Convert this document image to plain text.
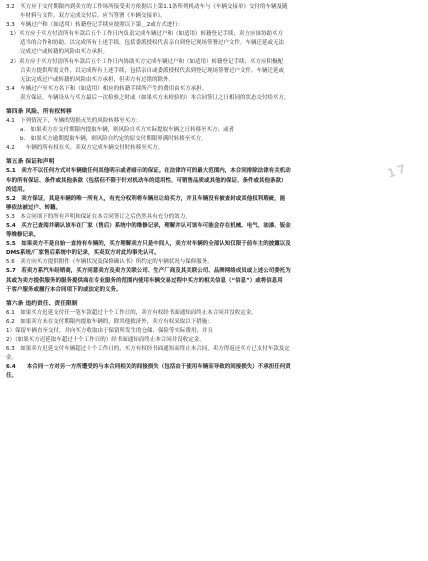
17

3.2　买方应于交付期限内到卖方的工作场所接受卖方依据以上第1.1条所列机动车与《车辆交接单》交付的车辆及随

车材料与文件。双方完成交付后，应当签署《车辆交接单》。

3.3　车辆过户和（如适用）转籍登记手续应按照以下第＿2或方式进行：

1）买方应于买方付清所有车款后五个工作日内负责完成车辆过户和（如适用）转籍登记手续；卖方应该协助买方

适当的合作和协助。以完成所有上述手续，包括委派授权代表亲自到登记现场签署过户文件。车辆迁延或无法

完成过户或转籍的风险由买方承担。

2）卖方应于买方付清所有车款后五个工作日内协助买方完成车辆过户和（如适用）转籍登记手续；买方应积极配

合卖方提供所需文件，以完成所有上述手续，包括亲自或委派授权代表到登记现场签署过户文件。车辆迁延或

无法完成过户或转籍的风险由买方承担，但卖方有过错的除外。

3.4　车辆过户至买方名下和（如适用）相应的转籍手续所产生的费用由买方承担。

卖方保证，车辆设从与买方最后一次检验之时或（如果买方未检验的）本合同签订之日相同的状态交付给买方。

第四条 风险、所有权转移

4.1　下列情况下，车辆的毁损灭失的风险转移至买方：

a.　如果卖方在交付期限内提取车辆，则风险自买方实际提取车辆之日转移至买方；或者

b.　如果买方逾期提取车辆，则风险自约定的原交付期限界满时转移至买方。

4.2　　车辆的所有权在买、卖双方完成车辆交付时转移至买方。

第五条 保证和声明

5.1　卖方不以任何方式对车辆做任何其他明示或者暗示的保证。在法律许可的最大范围内，本合同排除法律有关机动

车的所有保证、条件或其他条款（包括但不限于针对机动车的适用性、可销售品质或其他的保证、条件或其他条款）

的适用。

5.2　卖方保证，其是车辆的唯一所有人，有充分权利将车辆出让给买方，并且车辆没有被查封或其他权利瑕疵，能

够依法被过户、转籍。

5.3　本合同项下的所有声明和保证在本合同签订之后仍然具有充分的效力。

5.4　买方已查阅并确认该车在厂家（售后）系统中的维修记录，理解并认可该车可能会存在机械、电气、油漆、钣金

等维修记录。

5.5　如果卖方不是自始一直持有车辆的，买方理解卖方只是中间人，卖方对车辆的全部认知仅限于前车主的披露以及

DMS系统/厂家售后系统中的记录，买卖双方对此均事先认可。

5.6　卖方向买方提供附件《车辆状况及保修确认书》所约定的车辆状况与保修服务。

5.7　若卖方系汽车经销商，买方同意卖方及卖方关联公司、生产厂商及其关联公司、品牌网络成员或上述公司委托为

其或为卖方提供服务的服务提供商在专业服务的范围内使用车辆交易过程中买方的相关信息（“信息”）或将信息用

于客户服务或履行本合同项下的或法定的义务。

第六条 违约责任、责任限制

6.1　如果买方迟延支付任一笔车款超过十个工作日的，卖方有权经书面通知而终止本合同并没收定金。

6.2　如果卖方未在交付期限内提取车辆的，除其他救济外，卖方有权采取以下措施：

1）保留车辆直至交付，并向买方收取由于保留所发生的仓储、保险等实际费用；并且

2）（如果买方迟延取车超过十个工作日的）经书面通知而终止本合同并没收定金。

6.3　如果卖方迟延交付车辆超过十个工作日的，买方有权经书面通知而终止本合同，卖方得返还买方已支付车款及定

金。

6.4　　本合同一方对另一方所遭受的与本合同相关的间接损失（包括由于使用车辆而导致的间接损失）不承担任何责

任。
